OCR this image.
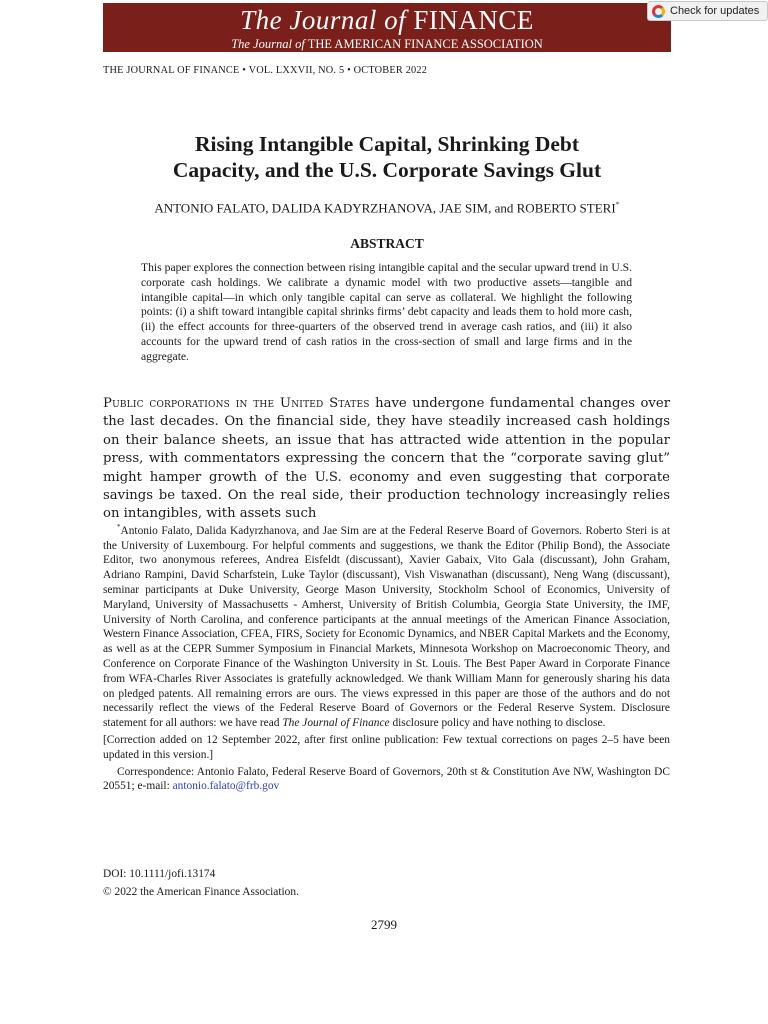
The Journal of FINANCE
The Journal of THE AMERICAN FINANCE ASSOCIATION
Check for updates
THE JOURNAL OF FINANCE • VOL. LXXVII, NO. 5 • OCTOBER 2022
Rising Intangible Capital, Shrinking Debt
Capacity, and the U.S. Corporate Savings Glut
ANTONIO FALATO, DALIDA KADYRZHANOVA, JAE SIM, and ROBERTO STERI*
ABSTRACT
This paper explores the connection between rising intangible capital and the secular upward trend in U.S. corporate cash holdings. We calibrate a dynamic model with two productive assets—tangible and intangible capital—in which only tangible capital can serve as collateral. We highlight the following points: (i) a shift toward intangible capital shrinks firms’ debt capacity and leads them to hold more cash, (ii) the effect accounts for three-quarters of the observed trend in average cash ratios, and (iii) it also accounts for the upward trend of cash ratios in the cross-section of small and large firms and in the aggregate.
Public corporations in the United States have undergone fundamental changes over the last decades. On the financial side, they have steadily increased cash holdings on their balance sheets, an issue that has attracted wide attention in the popular press, with commentators expressing the concern that the “corporate saving glut” might hamper growth of the U.S. economy and even suggesting that corporate savings be taxed. On the real side, their production technology increasingly relies on intangibles, with assets such

*Antonio Falato, Dalida Kadyrzhanova, and Jae Sim are at the Federal Reserve Board of Governors. Roberto Steri is at the University of Luxembourg. For helpful comments and suggestions, we thank the Editor (Philip Bond), the Associate Editor, two anonymous referees, Andrea Eisfeldt (discussant), Xavier Gabaix, Vito Gala (discussant), John Graham, Adriano Rampini, David Scharfstein, Luke Taylor (discussant), Vish Viswanathan (discussant), Neng Wang (discussant), seminar participants at Duke University, George Mason University, Stockholm School of Economics, University of Maryland, University of Massachusetts - Amherst, University of British Columbia, Georgia State University, the IMF, University of North Carolina, and conference participants at the annual meetings of the American Finance Association, Western Finance Association, CFEA, FIRS, Society for Economic Dynamics, and NBER Capital Markets and the Economy, as well as at the CEPR Summer Symposium in Financial Markets, Minnesota Workshop on Macroeconomic Theory, and Conference on Corporate Finance of the Washington University in St. Louis. The Best Paper Award in Corporate Finance from WFA-Charles River Associates is gratefully acknowledged. We thank William Mann for generously sharing his data on pledged patents. All remaining errors are ours. The views expressed in this paper are those of the authors and do not necessarily reflect the views of the Federal Reserve Board of Governors or the Federal Reserve System. Disclosure statement for all authors: we have read The Journal of Finance disclosure policy and have nothing to disclose.

[Correction added on 12 September 2022, after first online publication: Few textual corrections on pages 2–5 have been updated in this version.]

Correspondence: Antonio Falato, Federal Reserve Board of Governors, 20th st & Constitution Ave NW, Washington DC 20551; e-mail: antonio.falato@frb.gov

DOI: 10.1111/jofi.13174
© 2022 the American Finance Association.
2799
